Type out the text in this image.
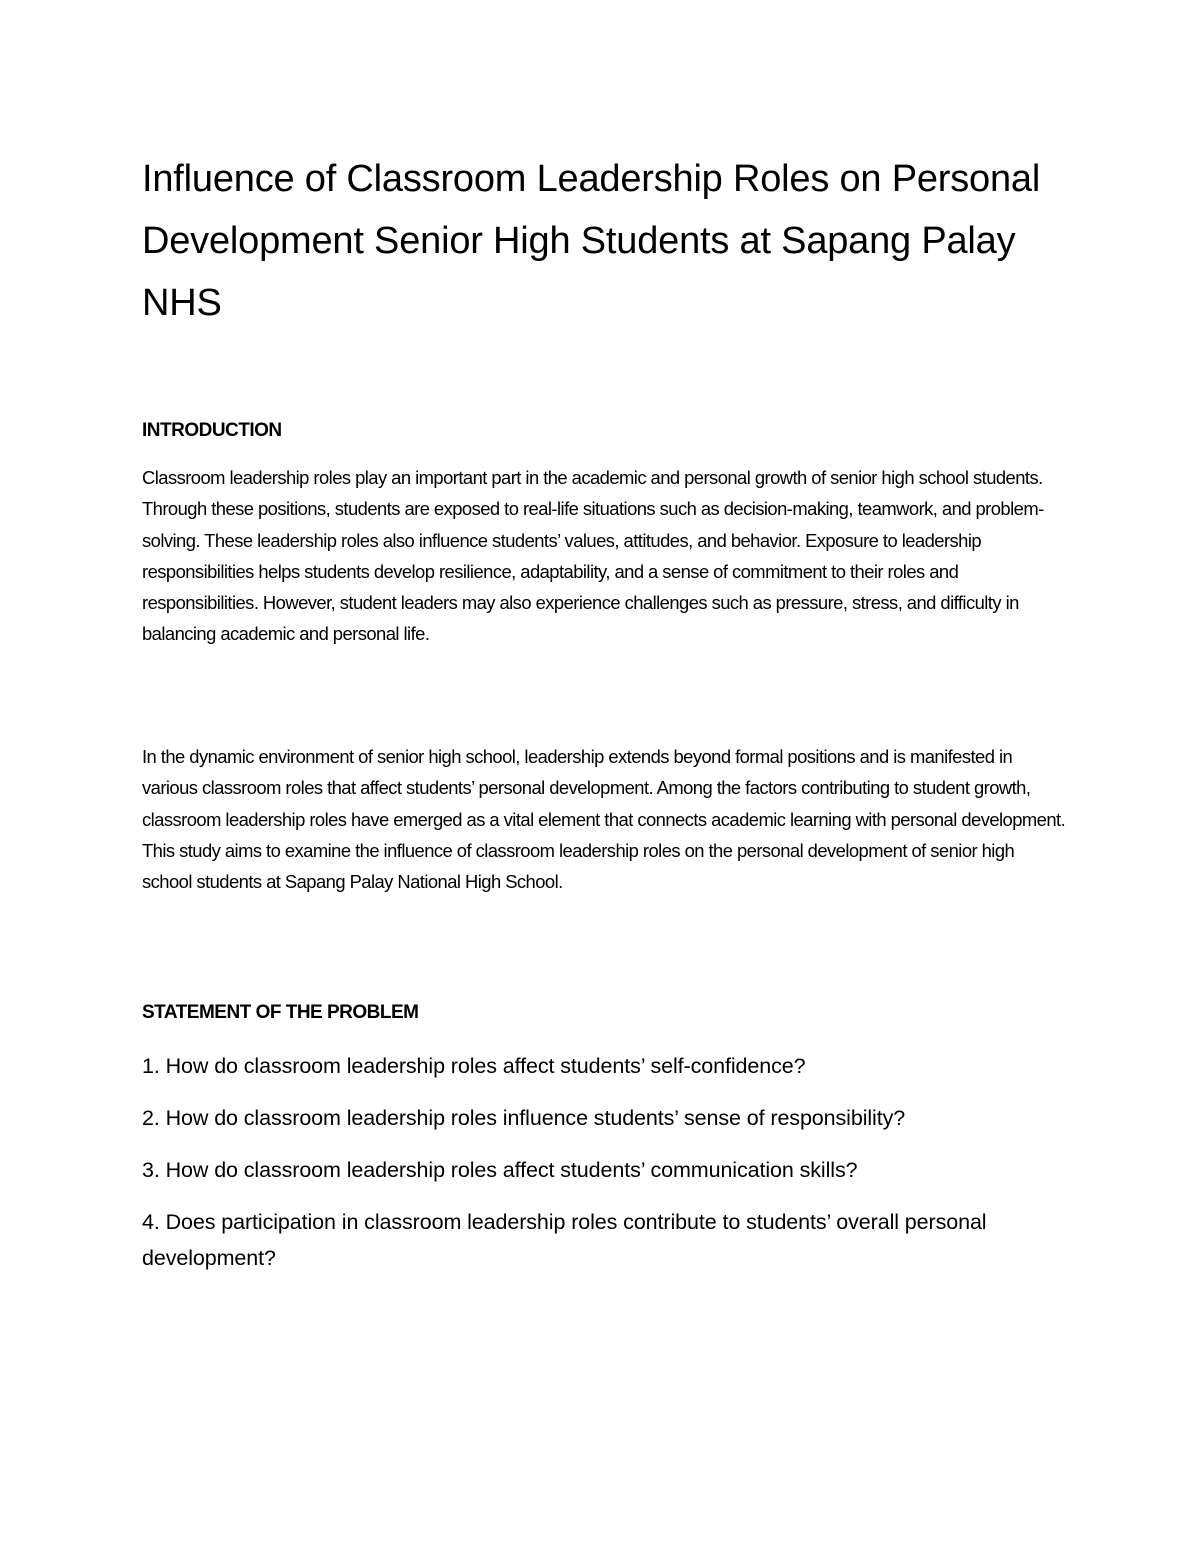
Influence of Classroom Leadership Roles on Personal Development Senior High Students at Sapang Palay NHS
INTRODUCTION

Classroom leadership roles play an important part in the academic and personal growth of senior high school students. Through these positions, students are exposed to real-life situations such as decision-making, teamwork, and problem-solving. These leadership roles also influence students’ values, attitudes, and behavior. Exposure to leadership responsibilities helps students develop resilience, adaptability, and a sense of commitment to their roles and responsibilities. However, student leaders may also experience challenges such as pressure, stress, and difficulty in balancing academic and personal life.

In the dynamic environment of senior high school, leadership extends beyond formal positions and is manifested in various classroom roles that affect students’ personal development. Among the factors contributing to student growth, classroom leadership roles have emerged as a vital element that connects academic learning with personal development. This study aims to examine the influence of classroom leadership roles on the personal development of senior high school students at Sapang Palay National High School.

STATEMENT OF THE PROBLEM
1. How do classroom leadership roles affect students’ self-confidence?
2. How do classroom leadership roles influence students’ sense of responsibility?
3. How do classroom leadership roles affect students’ communication skills?
4. Does participation in classroom leadership roles contribute to students’ overall personal development?
